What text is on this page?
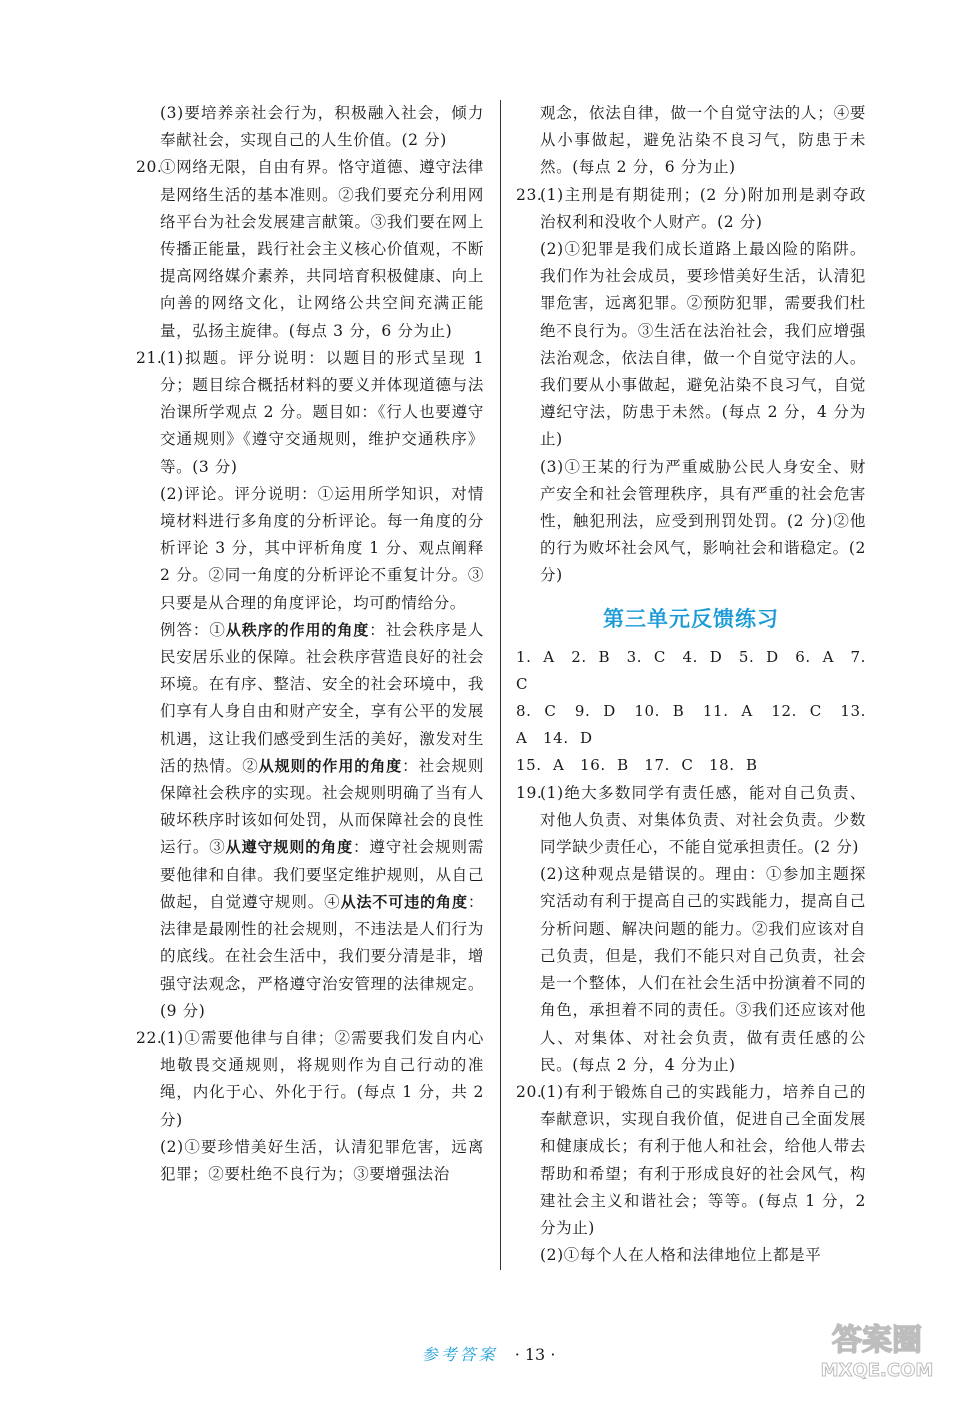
(3)要培养亲社会行为，积极融入社会，倾力奉献社会，实现自己的人生价值。(2 分)

20.

①网络无限，自由有界。恪守道德、遵守法律是网络生活的基本准则。②我们要充分利用网络平台为社会发展建言献策。③我们要在网上传播正能量，践行社会主义核心价值观，不断提高网络媒介素养，共同培育积极健康、向上向善的网络文化，让网络公共空间充满正能量，弘扬主旋律。(每点 3 分，6 分为止)

21.

(1)拟题。评分说明：以题目的形式呈现 1 分；题目综合概括材料的要义并体现道德与法治课所学观点 2 分。题目如：《行人也要遵守交通规则》《遵守交通规则，维护交通秩序》等。(3 分)

(2)评论。评分说明：①运用所学知识，对情境材料进行多角度的分析评论。每一角度的分析评论 3 分，其中评析角度 1 分、观点阐释 2 分。②同一角度的分析评论不重复计分。③只要是从合理的角度评论，均可酌情给分。

例答：①从秩序的作用的角度：社会秩序是人民安居乐业的保障。社会秩序营造良好的社会环境。在有序、整洁、安全的社会环境中，我们享有人身自由和财产安全，享有公平的发展机遇，这让我们感受到生活的美好，激发对生活的热情。②从规则的作用的角度：社会规则保障社会秩序的实现。社会规则明确了当有人破坏秩序时该如何处罚，从而保障社会的良性运行。③从遵守规则的角度：遵守社会规则需要他律和自律。我们要坚定维护规则，从自己做起，自觉遵守规则。④从法不可违的角度：法律是最刚性的社会规则，不违法是人们行为的底线。在社会生活中，我们要分清是非，增强守法观念，严格遵守治安管理的法律规定。(9 分)

22.

(1)①需要他律与自律；②需要我们发自内心地敬畏交通规则，将规则作为自己行动的准绳，内化于心、外化于行。(每点 1 分，共 2 分)

(2)①要珍惜美好生活，认清犯罪危害，远离犯罪；②要杜绝不良行为；③要增强法治

观念，依法自律，做一个自觉守法的人；④要从小事做起，避免沾染不良习气，防患于未然。(每点 2 分，6 分为止)

23.

(1)主刑是有期徒刑；(2 分)附加刑是剥夺政治权利和没收个人财产。(2 分)

(2)①犯罪是我们成长道路上最凶险的陷阱。我们作为社会成员，要珍惜美好生活，认清犯罪危害，远离犯罪。②预防犯罪，需要我们杜绝不良行为。③生活在法治社会，我们应增强法治观念，依法自律，做一个自觉守法的人。我们要从小事做起，避免沾染不良习气，自觉遵纪守法，防患于未然。(每点 2 分，4 分为止)

(3)①王某的行为严重威胁公民人身安全、财产安全和社会管理秩序，具有严重的社会危害性，触犯刑法，应受到刑罚处罚。(2 分)②他的行为败坏社会风气，影响社会和谐稳定。(2 分)

第三单元反馈练习

1. A　2. B　3. C　4. D　5. D　6. A　7. C

8. C　9. D　10. B　11. A　12. C　13. A　14. D

15. A　16. B　17. C　18. B

19.

(1)绝大多数同学有责任感，能对自己负责、对他人负责、对集体负责、对社会负责。少数同学缺少责任心，不能自觉承担责任。(2 分)

(2)这种观点是错误的。理由：①参加主题探究活动有利于提高自己的实践能力，提高自己分析问题、解决问题的能力。②我们应该对自己负责，但是，我们不能只对自己负责，社会是一个整体，人们在社会生活中扮演着不同的角色，承担着不同的责任。③我们还应该对他人、对集体、对社会负责，做有责任感的公民。(每点 2 分，4 分为止)

20.

(1)有利于锻炼自己的实践能力，培养自己的奉献意识，实现自我价值，促进自己全面发展和健康成长；有利于他人和社会，给他人带去帮助和希望；有利于形成良好的社会风气，构建社会主义和谐社会；等等。(每点 1 分，2 分为止)

(2)①每个人在人格和法律地位上都是平

参考答案 · 13 ·	答案圈
MXQE.COM
